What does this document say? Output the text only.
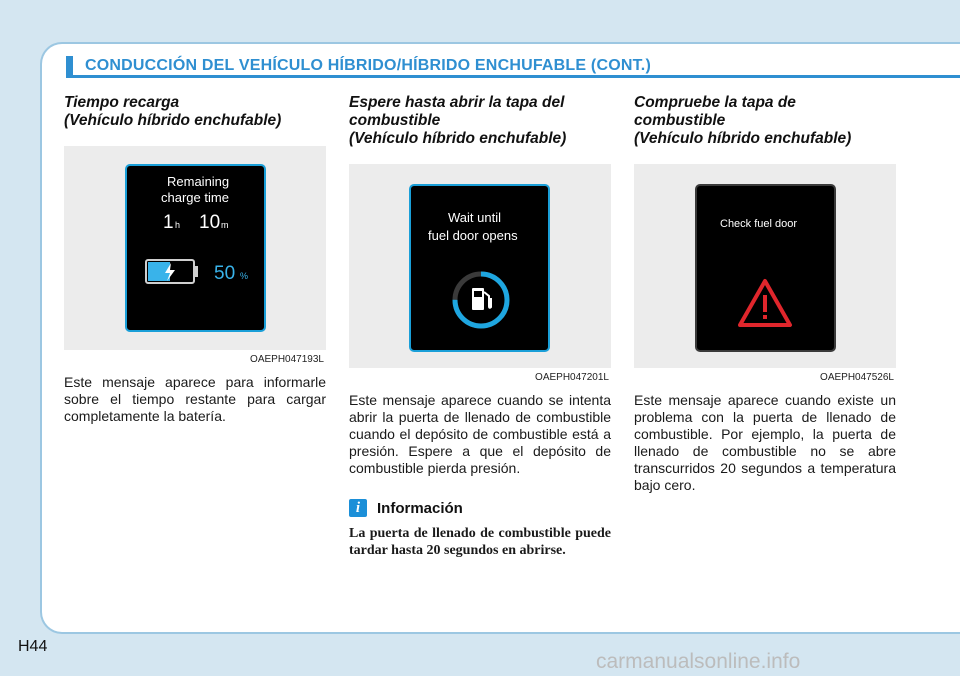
CONDUCCIÓN DEL VEHÍCULO HÍBRIDO/HÍBRIDO ENCHUFABLE (CONT.)
Tiempo recarga
(Vehículo híbrido enchufable)
Remaining
charge time
1 h 10 m
50 %
OAEPH047193L
Este mensaje aparece para informarle sobre el tiempo restante para cargar completamente la batería.
Espere hasta abrir la tapa del
combustible
(Vehículo híbrido enchufable)
Wait until
fuel door opens
OAEPH047201L
Este mensaje aparece cuando se intenta abrir la puerta de llenado de combustible cuando el depósito de combustible está a presión. Espere a que el depósito de combustible pierda presión.
i	Información
La puerta de llenado de combustible puede tardar hasta 20 segundos en abrirse.
Compruebe la tapa de
combustible
(Vehículo híbrido enchufable)
Check fuel door
OAEPH047526L
Este mensaje aparece cuando existe un problema con la puerta de llenado de combustible. Por ejemplo, la puerta de llenado de combustible no se abre transcurridos 20 segundos a temperatura bajo cero.
H44
carmanualsonline.info
